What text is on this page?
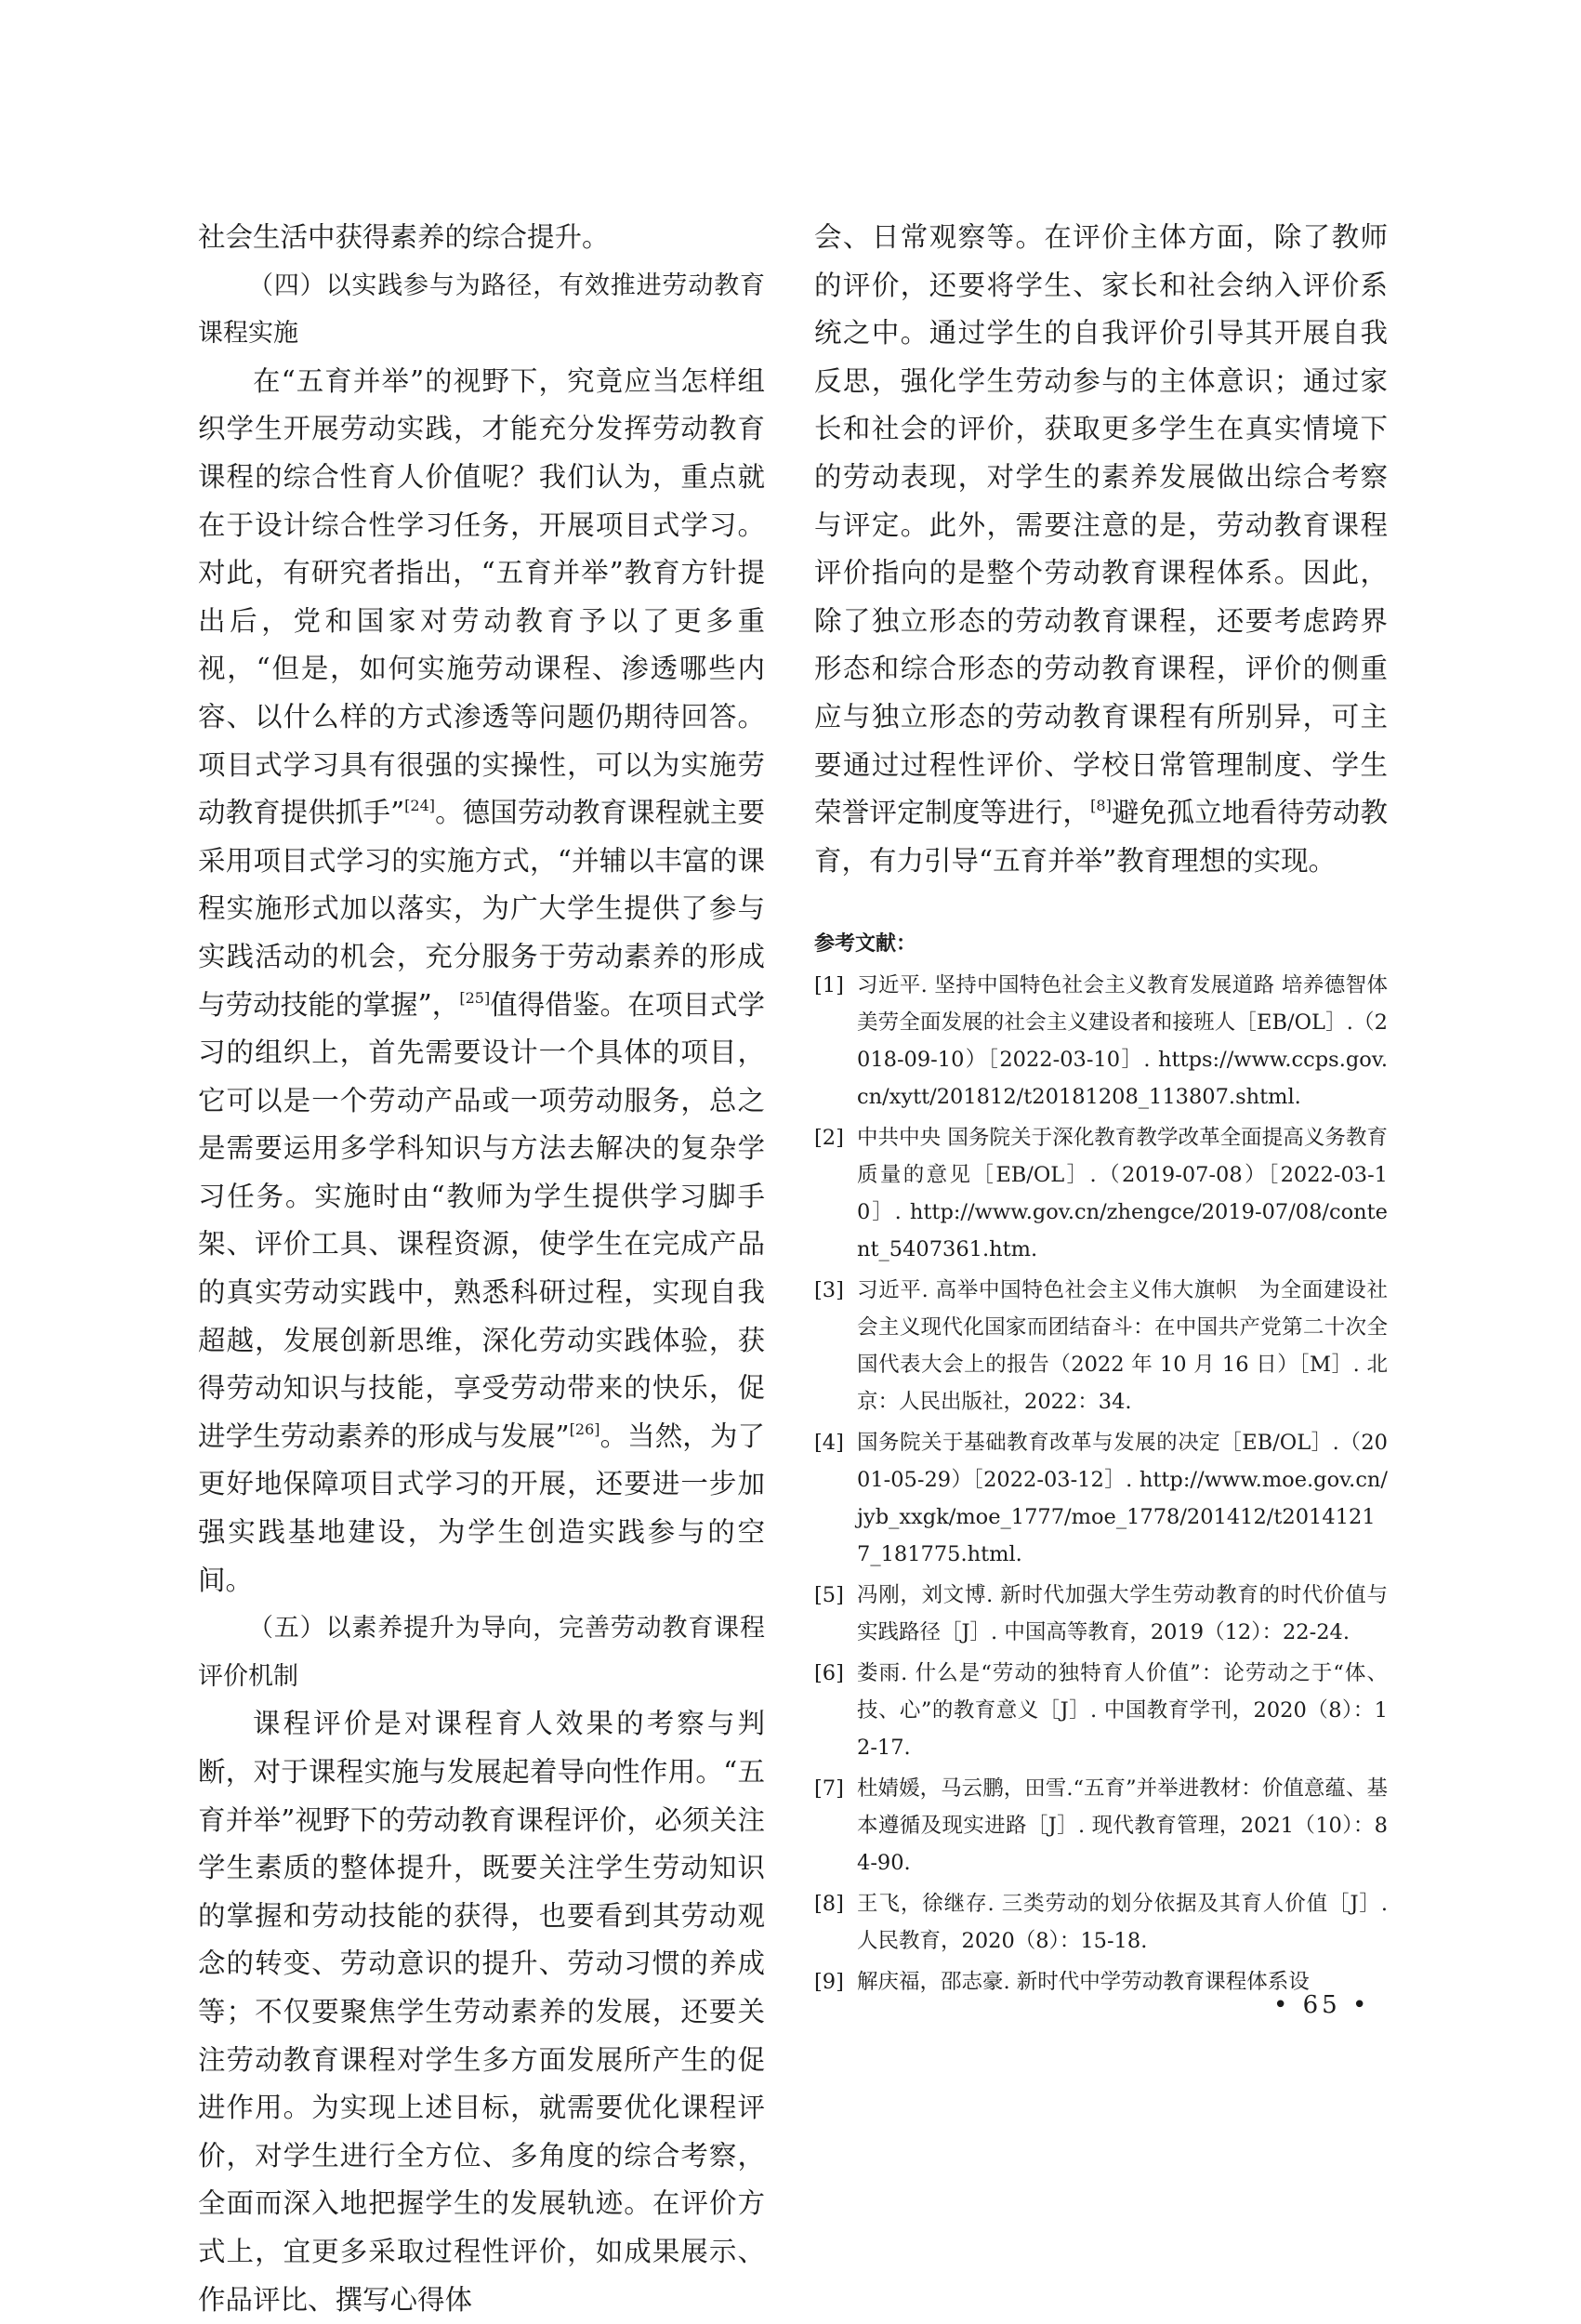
社会生活中获得素养的综合提升。

（四）以实践参与为路径，有效推进劳动教育课程实施

在“五育并举”的视野下，究竟应当怎样组织学生开展劳动实践，才能充分发挥劳动教育课程的综合性育人价值呢？我们认为，重点就在于设计综合性学习任务，开展项目式学习。对此，有研究者指出，“五育并举”教育方针提出后，党和国家对劳动教育予以了更多重视，“但是，如何实施劳动课程、渗透哪些内容、以什么样的方式渗透等问题仍期待回答。项目式学习具有很强的实操性，可以为实施劳动教育提供抓手”[24]。德国劳动教育课程就主要采用项目式学习的实施方式，“并辅以丰富的课程实施形式加以落实，为广大学生提供了参与实践活动的机会，充分服务于劳动素养的形成与劳动技能的掌握”，[25]值得借鉴。在项目式学习的组织上，首先需要设计一个具体的项目，它可以是一个劳动产品或一项劳动服务，总之是需要运用多学科知识与方法去解决的复杂学习任务。实施时由“教师为学生提供学习脚手架、评价工具、课程资源，使学生在完成产品的真实劳动实践中，熟悉科研过程，实现自我超越，发展创新思维，深化劳动实践体验，获得劳动知识与技能，享受劳动带来的快乐，促进学生劳动素养的形成与发展”[26]。当然，为了更好地保障项目式学习的开展，还要进一步加强实践基地建设，为学生创造实践参与的空间。

（五）以素养提升为导向，完善劳动教育课程评价机制

课程评价是对课程育人效果的考察与判断，对于课程实施与发展起着导向性作用。“五育并举”视野下的劳动教育课程评价，必须关注学生素质的整体提升，既要关注学生劳动知识的掌握和劳动技能的获得，也要看到其劳动观念的转变、劳动意识的提升、劳动习惯的养成等；不仅要聚焦学生劳动素养的发展，还要关注劳动教育课程对学生多方面发展所产生的促进作用。为实现上述目标，就需要优化课程评价，对学生进行全方位、多角度的综合考察，全面而深入地把握学生的发展轨迹。在评价方式上，宜更多采取过程性评价，如成果展示、作品评比、撰写心得体

会、日常观察等。在评价主体方面，除了教师的评价，还要将学生、家长和社会纳入评价系统之中。通过学生的自我评价引导其开展自我反思，强化学生劳动参与的主体意识；通过家长和社会的评价，获取更多学生在真实情境下的劳动表现，对学生的素养发展做出综合考察与评定。此外，需要注意的是，劳动教育课程评价指向的是整个劳动教育课程体系。因此，除了独立形态的劳动教育课程，还要考虑跨界形态和综合形态的劳动教育课程，评价的侧重应与独立形态的劳动教育课程有所别异，可主要通过过程性评价、学校日常管理制度、学生荣誉评定制度等进行，[8]避免孤立地看待劳动教育，有力引导“五育并举”教育理想的实现。

参考文献：
[1] 习近平. 坚持中国特色社会主义教育发展道路 培养德智体美劳全面发展的社会主义建设者和接班人［EB/OL］.（2018-09-10）［2022-03-10］. https://www.ccps.gov.cn/xytt/201812/t20181208_113807.shtml.
[2] 中共中央 国务院关于深化教育教学改革全面提高义务教育质量的意见［EB/OL］.（2019-07-08）［2022-03-10］. http://www.gov.cn/zhengce/2019-07/08/content_5407361.htm.
[3] 习近平. 高举中国特色社会主义伟大旗帜　为全面建设社会主义现代化国家而团结奋斗：在中国共产党第二十次全国代表大会上的报告（2022 年 10 月 16 日）［M］. 北京：人民出版社，2022：34.
[4] 国务院关于基础教育改革与发展的决定［EB/OL］.（2001-05-29）［2022-03-12］. http://www.moe.gov.cn/jyb_xxgk/moe_1777/moe_1778/201412/t20141217_181775.html.
[5] 冯刚，刘文博. 新时代加强大学生劳动教育的时代价值与实践路径［J］. 中国高等教育，2019（12）：22-24.
[6] 娄雨. 什么是“劳动的独特育人价值”：论劳动之于“体、技、心”的教育意义［J］. 中国教育学刊，2020（8）：12-17.
[7] 杜婧媛，马云鹏，田雪.“五育”并举进教材：价值意蕴、基本遵循及现实进路［J］. 现代教育管理，2021（10）：84-90.
[8] 王飞，徐继存. 三类劳动的划分依据及其育人价值［J］. 人民教育，2020（8）：15-18.
[9] 解庆福，邵志豪. 新时代中学劳动教育课程体系设
• 65 •
